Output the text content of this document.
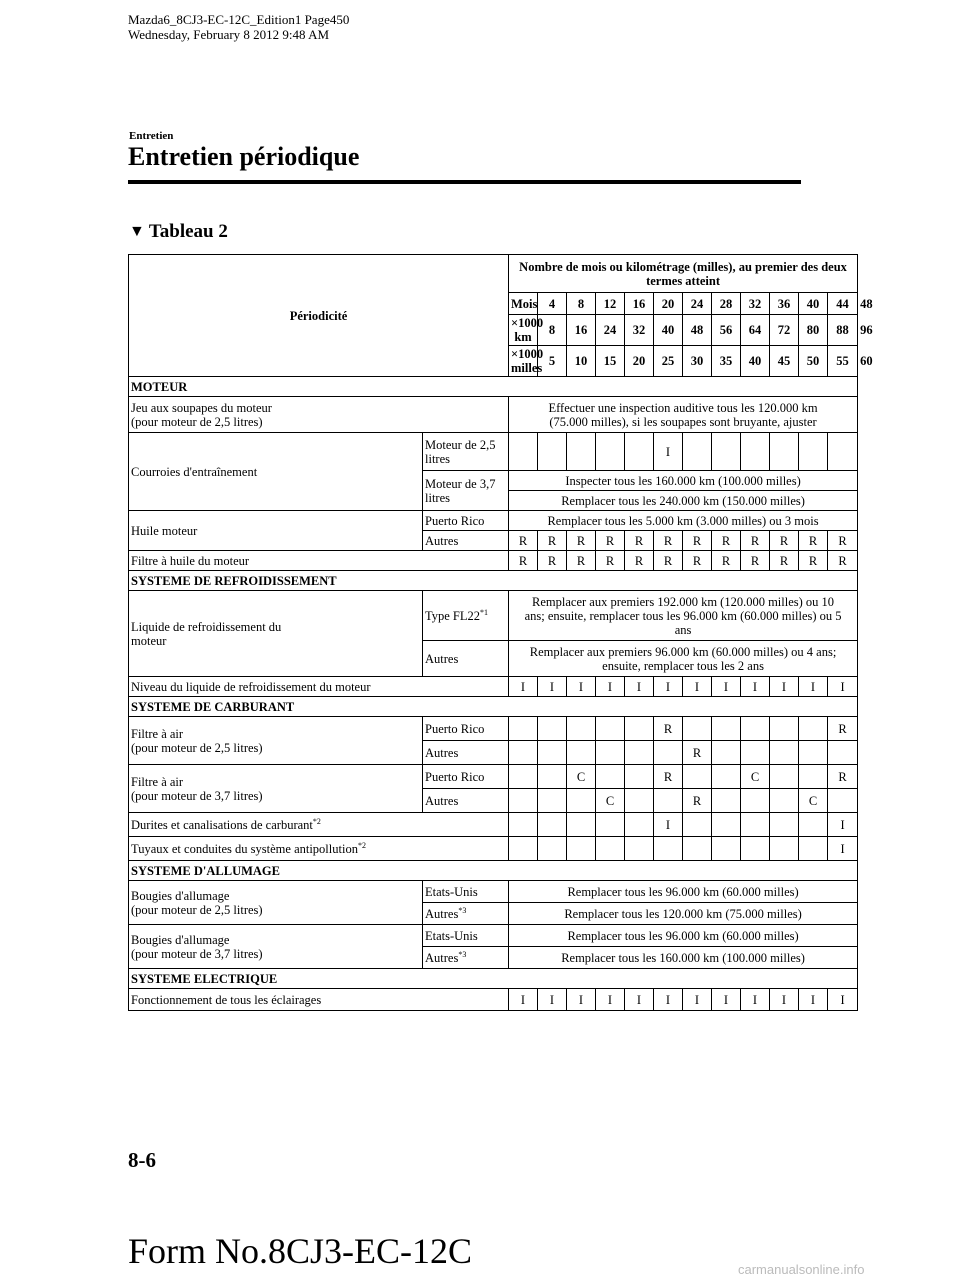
Mazda6_8CJ3-EC-12C_Edition1 Page450
Wednesday, February 8 2012 9:48 AM
Entretien
Entretien périodique
▼ Tableau 2
Périodicité		Nombre de mois ou kilométrage (milles), au premier des deux termes atteint												
		Mois	4	8	12	16	20	24	28	32	36	40	44	48
		×1000 km	8	16	24	32	40	48	56	64	72	80	88	96
		×1000 milles	5	10	15	20	25	30	35	40	45	50	55	60
MOTEUR														
Jeu aux soupapes du moteur
(pour moteur de 2,5 litres)		Effectuer une inspection auditive tous les 120.000 km
(75.000 milles), si les soupapes sont bruyante, ajuster												
Courroies d'entraînement	Moteur de 2,5
litres						I							
	Moteur de 3,7
litres	Inspecter tous les 160.000 km (100.000 milles)												
		Remplacer tous les 240.000 km (150.000 milles)												
Huile moteur	Puerto Rico	Remplacer tous les 5.000 km (3.000 milles) ou 3 mois												
	Autres	R	R	R	R	R	R	R	R	R	R	R	R	
Filtre à huile du moteur		R	R	R	R	R	R	R	R	R	R	R	R	
SYSTEME DE REFROIDISSEMENT														
Liquide de refroidissement du
moteur	Type FL22$^{*1}$	Remplacer aux premiers 192.000 km (120.000 milles) ou 10
ans; ensuite, remplacer tous les 96.000 km (60.000 milles) ou 5
ans												
	Autres	Remplacer aux premiers 96.000 km (60.000 milles) ou 4 ans;
ensuite, remplacer tous les 2 ans												
Niveau du liquide de refroidissement du moteur		I	I	I	I	I	I	I	I	I	I	I	I	
SYSTEME DE CARBURANT														
Filtre à air
(pour moteur de 2,5 litres)	Puerto Rico						R						R	
	Autres							R						
Filtre à air
(pour moteur de 3,7 litres)	Puerto Rico			C			R			C			R	
	Autres				C			R				C		
Durites et canalisations de carburant$^{*2}$							I						I	
Tuyaux et conduites du système antipollution$^{*2}$													I	
SYSTEME D'ALLUMAGE														
Bougies d'allumage
(pour moteur de 2,5 litres)	Etats-Unis	Remplacer tous les 96.000 km (60.000 milles)												
	Autres$^{*3}$	Remplacer tous les 120.000 km (75.000 milles)												
Bougies d'allumage
(pour moteur de 3,7 litres)	Etats-Unis	Remplacer tous les 96.000 km (60.000 milles)												
	Autres$^{*3}$	Remplacer tous les 160.000 km (100.000 milles)												
SYSTEME ELECTRIQUE														
Fonctionnement de tous les éclairages		I	I	I	I	I	I	I	I	I	I	I	I	
8-6
Form No.8CJ3-EC-12C	carmanualsonline.info
